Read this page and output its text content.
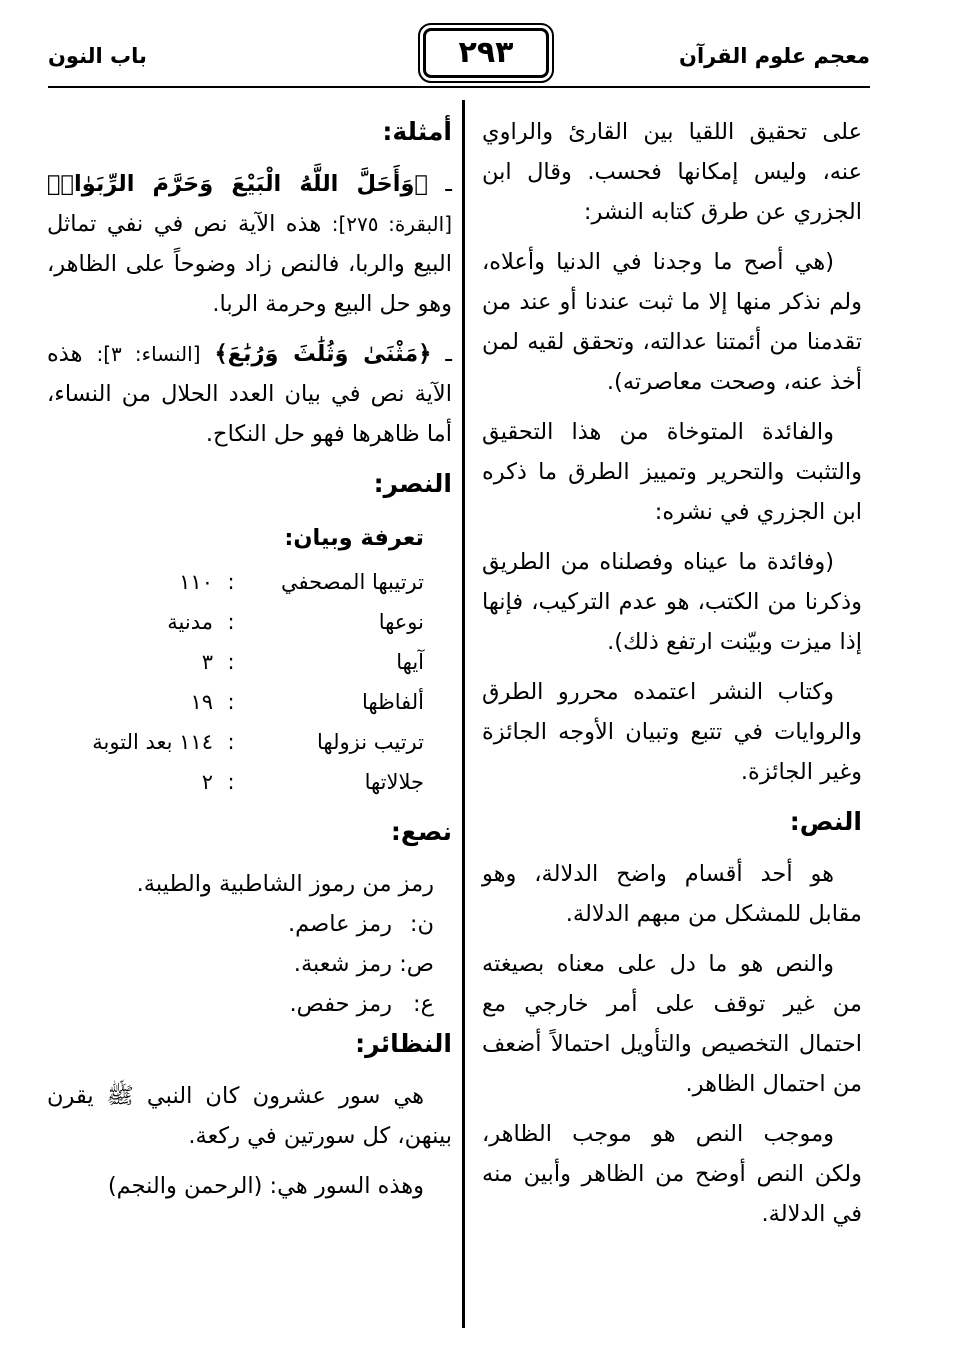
معجم علوم القرآن
٢٩٣
باب النون

على تحقيق اللقيا بين القارئ والراوي عنه، وليس إمكانها فحسب. وقال ابن الجزري عن طرق كتابه النشر:

(هي أصح ما وجدنا في الدنيا وأعلاه، ولم نذكر منها إلا ما ثبت عندنا أو عند من تقدمنا من أئمتنا عدالته، وتحقق لقيه لمن أخذ عنه، وصحت معاصرته).

والفائدة المتوخاة من هذا التحقيق والتثبت والتحرير وتمييز الطرق ما ذكره ابن الجزري في نشره:

(وفائدة ما عيناه وفصلناه من الطريق وذكرنا من الكتب، هو عدم التركيب، فإنها إذا ميزت وبيّنت ارتفع ذلك).

وكتاب النشر اعتمده محررو الطرق والروايات في تتبع وتبيان الأوجه الجائزة وغير الجائزة.

النص:

هو أحد أقسام واضح الدلالة، وهو مقابل للمشكل من مبهم الدلالة.

والنص هو ما دل على معناه بصيغته من غير توقف على أمر خارجي مع احتمال التخصيص والتأويل احتمالاً أضعف من احتمال الظاهر.

وموجب النص هو موجب الظاهر، ولكن النص أوضح من الظاهر وأبين منه في الدلالة.

أمثلة:

ـ ﴿وَأَحَلَّ اللَّهُ الْبَيْعَ وَحَرَّمَ الرِّبَوٰا۟﴾ [البقرة: ٢٧٥]: هذه الآية نص في نفي تماثل البيع والربا، فالنص زاد وضوحاً على الظاهر، وهو حل البيع وحرمة الربا.

ـ ﴿مَثْنَىٰ وَثُلَٰثَ وَرُبَٰعَ﴾ [النساء: ٣]: هذه الآية نص في بيان العدد الحلال من النساء، أما ظاهرها فهو حل النكاح.

النصر:

تعرفة وبيان:

ترتيبها المصحفي	:	١١٠
نوعها	:	مدنية
آيها	:	٣
ألفاظها	:	١٩
ترتيب نزولها	:	١١٤ بعد التوبة
جلالاتها	:	٢

نصع:

رمز من رموز الشاطبية والطيبة.

ن:رمز عاصم.

ص:رمز شعبة.

ع:رمز حفص.

النظائر:

هي سور عشرون كان النبي ﷺ يقرن بينهن، كل سورتين في ركعة.

وهذه السور هي: (الرحمن والنجم)
